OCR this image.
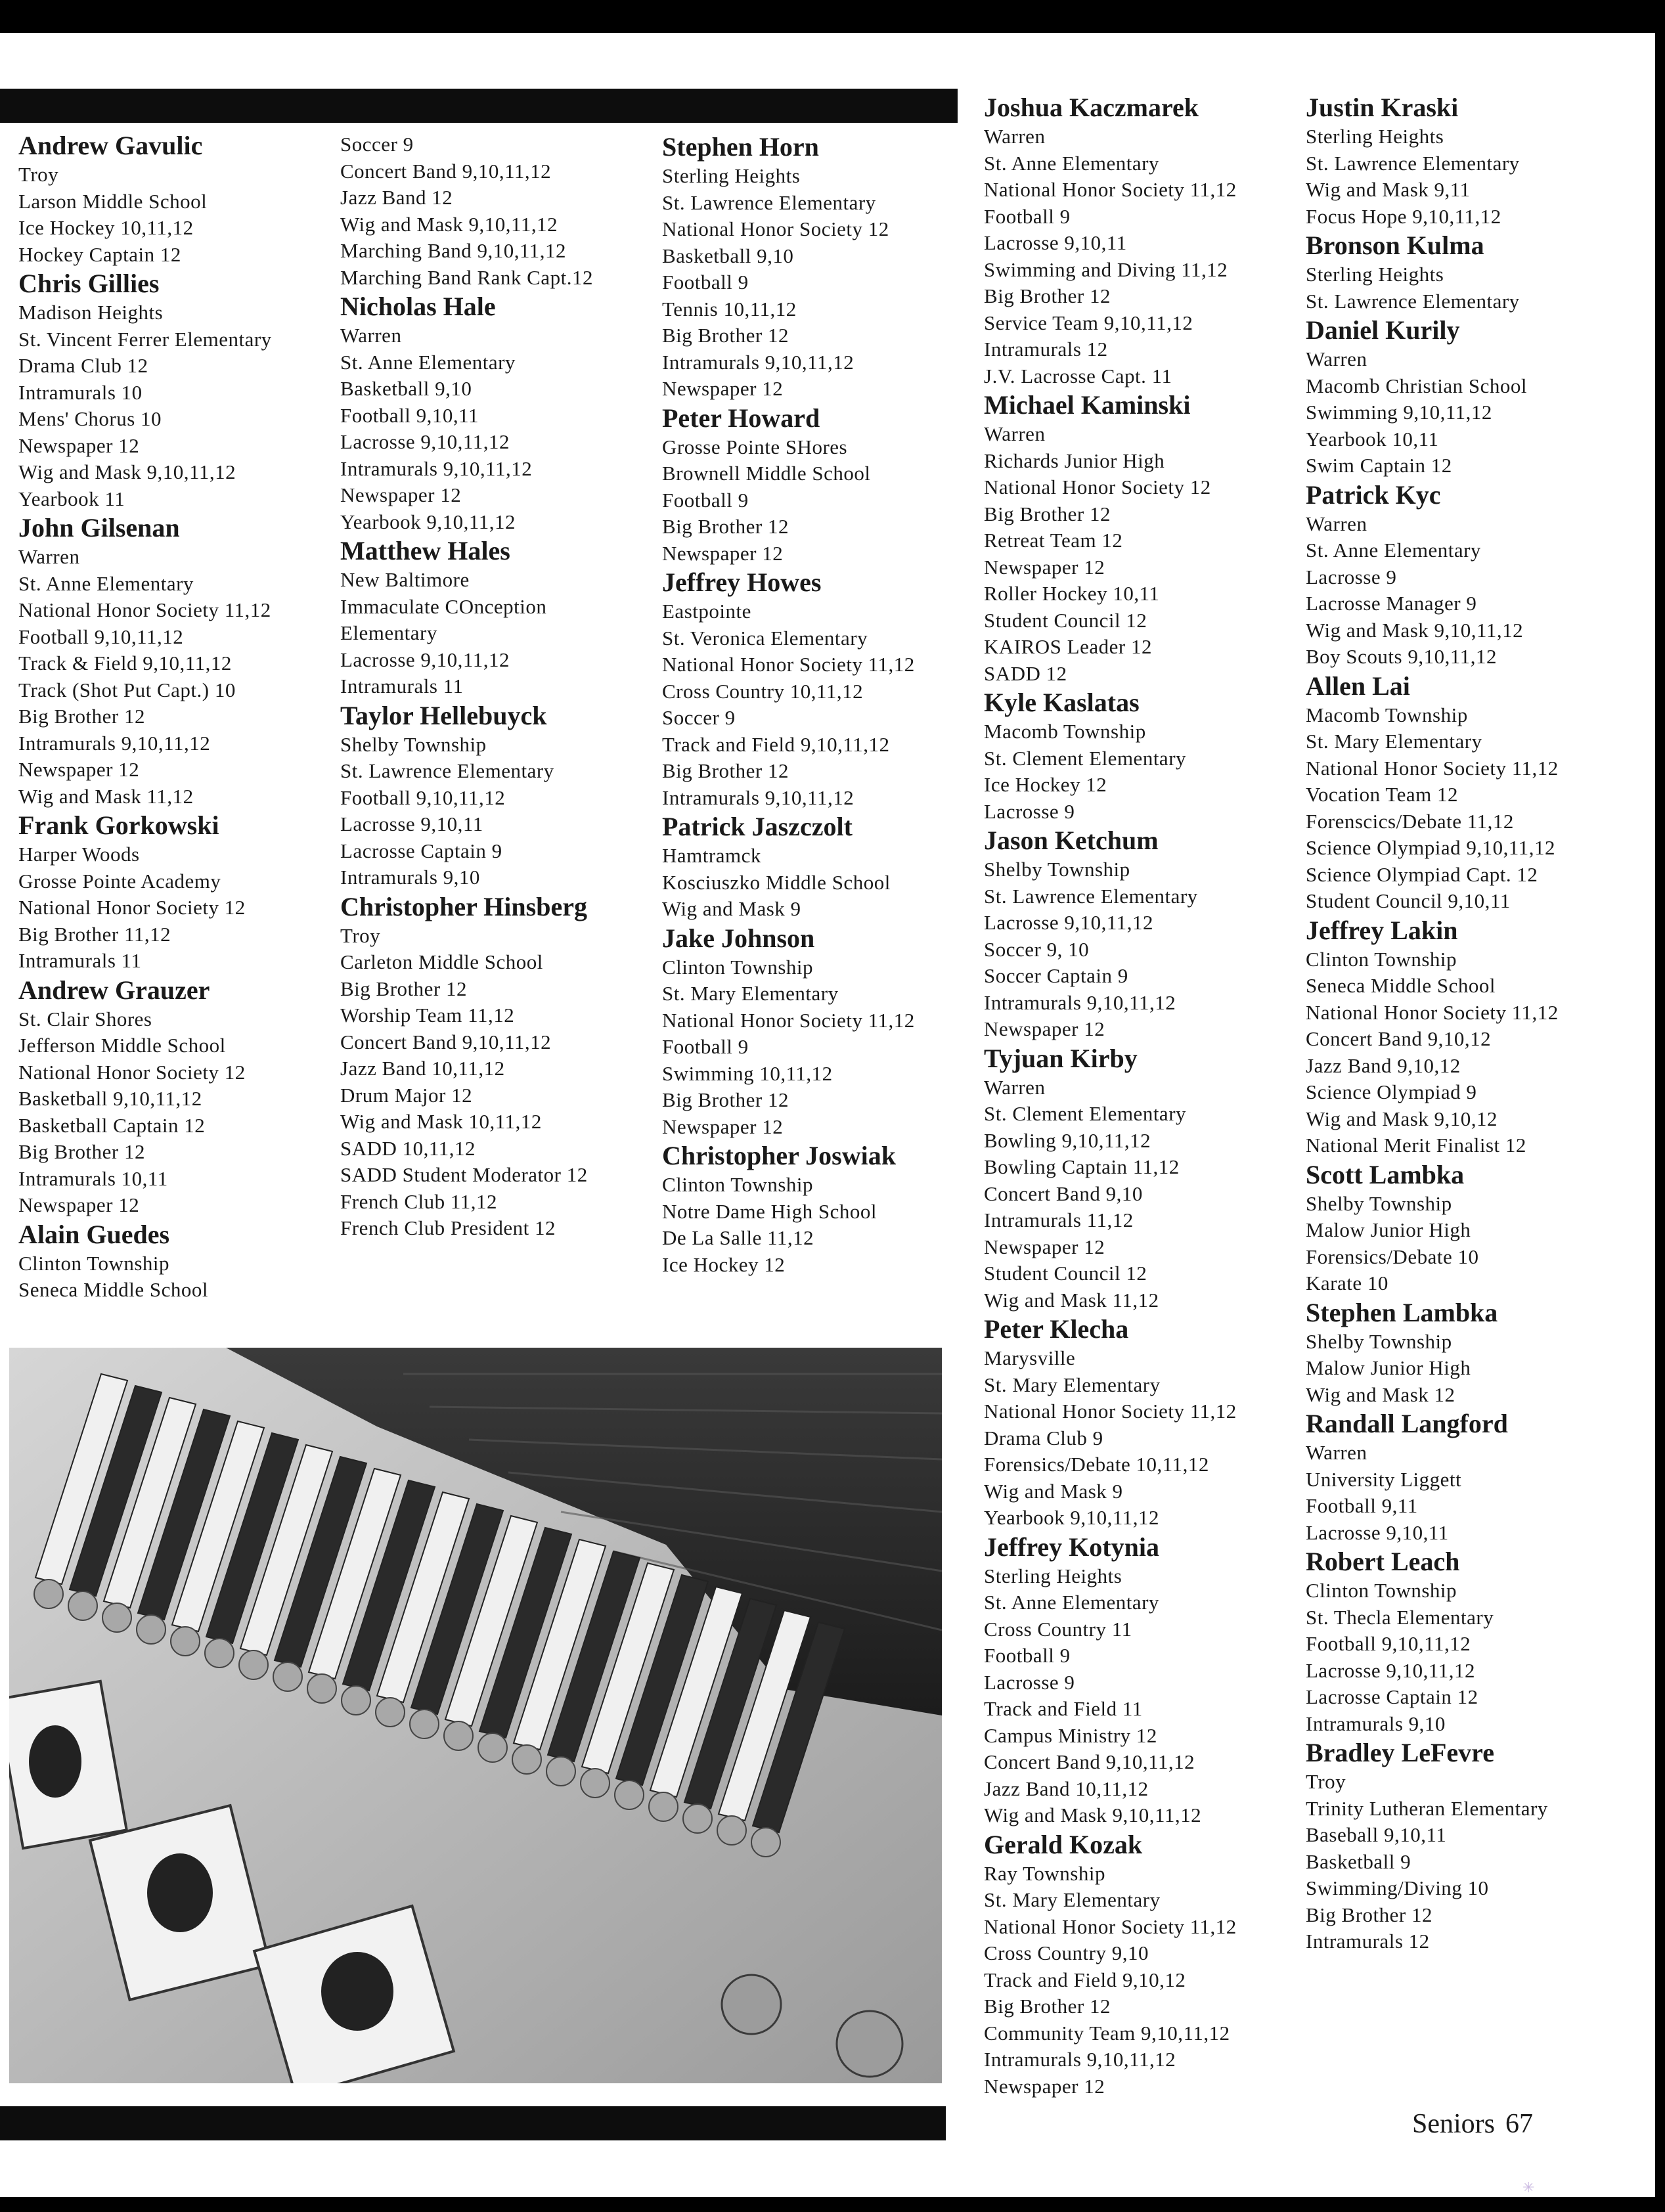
Andrew Gavulic
Troy
Larson Middle School
Ice Hockey 10,11,12
Hockey Captain 12
Chris Gillies
Madison Heights
St. Vincent Ferrer Elementary
Drama Club 12
Intramurals 10
Mens' Chorus 10
Newspaper 12
Wig and Mask 9,10,11,12
Yearbook 11
John Gilsenan
Warren
St. Anne Elementary
National Honor Society 11,12
Football 9,10,11,12
Track & Field 9,10,11,12
Track (Shot Put Capt.) 10
Big Brother 12
Intramurals 9,10,11,12
Newspaper 12
Wig and Mask 11,12
Frank Gorkowski
Harper Woods
Grosse Pointe Academy
National Honor Society 12
Big Brother 11,12
Intramurals 11
Andrew Grauzer
St. Clair Shores
Jefferson Middle School
National Honor Society 12
Basketball 9,10,11,12
Basketball Captain 12
Big Brother 12
Intramurals 10,11
Newspaper 12
Alain Guedes
Clinton Township
Seneca Middle School
Soccer 9
Concert Band 9,10,11,12
Jazz Band 12
Wig and Mask 9,10,11,12
Marching Band 9,10,11,12
Marching Band Rank Capt.12
Nicholas Hale
Warren
St. Anne Elementary
Basketball 9,10
Football 9,10,11
Lacrosse 9,10,11,12
Intramurals 9,10,11,12
Newspaper 12
Yearbook 9,10,11,12
Matthew Hales
New Baltimore
Immaculate COnception
Elementary
Lacrosse 9,10,11,12
Intramurals 11
Taylor Hellebuyck
Shelby Township
St. Lawrence Elementary
Football 9,10,11,12
Lacrosse 9,10,11
Lacrosse Captain 9
Intramurals 9,10
Christopher Hinsberg
Troy
Carleton Middle School
Big Brother 12
Worship Team 11,12
Concert Band 9,10,11,12
Jazz Band 10,11,12
Drum Major 12
Wig and Mask 10,11,12
SADD 10,11,12
SADD Student Moderator 12
French Club 11,12
French Club President 12
Stephen Horn
Sterling Heights
St. Lawrence Elementary
National Honor Society 12
Basketball 9,10
Football 9
Tennis 10,11,12
Big Brother 12
Intramurals 9,10,11,12
Newspaper 12
Peter Howard
Grosse Pointe SHores
Brownell Middle School
Football 9
Big Brother 12
Newspaper 12
Jeffrey Howes
Eastpointe
St. Veronica Elementary
National Honor Society 11,12
Cross Country 10,11,12
Soccer 9
Track and Field 9,10,11,12
Big Brother 12
Intramurals 9,10,11,12
Patrick Jaszczolt
Hamtramck
Kosciuszko Middle School
Wig and Mask 9
Jake Johnson
Clinton Township
St. Mary Elementary
National Honor Society 11,12
Football 9
Swimming 10,11,12
Big Brother 12
Newspaper 12
Christopher Joswiak
Clinton Township
Notre Dame High School
De La Salle 11,12
Ice Hockey 12
Joshua Kaczmarek
Warren
St. Anne Elementary
National Honor Society 11,12
Football 9
Lacrosse 9,10,11
Swimming and Diving 11,12
Big Brother 12
Service Team 9,10,11,12
Intramurals 12
J.V. Lacrosse Capt. 11
Michael Kaminski
Warren
Richards Junior High
National Honor Society 12
Big Brother 12
Retreat Team 12
Newspaper 12
Roller Hockey 10,11
Student Council 12
KAIROS Leader 12
SADD 12
Kyle Kaslatas
Macomb Township
St. Clement Elementary
Ice Hockey 12
Lacrosse 9
Jason Ketchum
Shelby Township
St. Lawrence Elementary
Lacrosse 9,10,11,12
Soccer 9, 10
Soccer Captain 9
Intramurals 9,10,11,12
Newspaper 12
Tyjuan Kirby
Warren
St. Clement Elementary
Bowling 9,10,11,12
Bowling Captain 11,12
Concert Band 9,10
Intramurals 11,12
Newspaper 12
Student Council 12
Wig and Mask 11,12
Peter Klecha
Marysville
St. Mary Elementary
National Honor Society 11,12
Drama Club 9
Forensics/Debate 10,11,12
Wig and Mask 9
Yearbook 9,10,11,12
Jeffrey Kotynia
Sterling Heights
St. Anne Elementary
Cross Country 11
Football 9
Lacrosse 9
Track and Field 11
Campus Ministry 12
Concert Band 9,10,11,12
Jazz Band 10,11,12
Wig and Mask 9,10,11,12
Gerald Kozak
Ray Township
St. Mary Elementary
National Honor Society 11,12
Cross Country 9,10
Track and Field 9,10,12
Big Brother 12
Community Team 9,10,11,12
Intramurals 9,10,11,12
Newspaper 12
Justin Kraski
Sterling Heights
St. Lawrence Elementary
Wig and Mask 9,11
Focus Hope 9,10,11,12
Bronson Kulma
Sterling Heights
St. Lawrence Elementary
Daniel Kurily
Warren
Macomb Christian School
Swimming 9,10,11,12
Yearbook 10,11
Swim Captain 12
Patrick Kyc
Warren
St. Anne Elementary
Lacrosse 9
Lacrosse Manager 9
Wig and Mask 9,10,11,12
Boy Scouts 9,10,11,12
Allen Lai
Macomb Township
St. Mary Elementary
National Honor Society 11,12
Vocation Team 12
Forenscics/Debate 11,12
Science Olympiad 9,10,11,12
Science Olympiad Capt. 12
Student Council 9,10,11
Jeffrey Lakin
Clinton Township
Seneca Middle School
National Honor Society 11,12
Concert Band 9,10,12
Jazz Band 9,10,12
Science Olympiad 9
Wig and Mask 9,10,12
National Merit Finalist 12
Scott Lambka
Shelby Township
Malow Junior High
Forensics/Debate 10
Karate 10
Stephen Lambka
Shelby Township
Malow Junior High
Wig and Mask 12
Randall Langford
Warren
University Liggett
Football 9,11
Lacrosse 9,10,11
Robert Leach
Clinton Township
St. Thecla Elementary
Football 9,10,11,12
Lacrosse 9,10,11,12
Lacrosse Captain 12
Intramurals 9,10
Bradley LeFevre
Troy
Trinity Lutheran Elementary
Baseball 9,10,11
Basketball 9
Swimming/Diving 10
Big Brother 12
Intramurals 12
Seniors 67
✳
